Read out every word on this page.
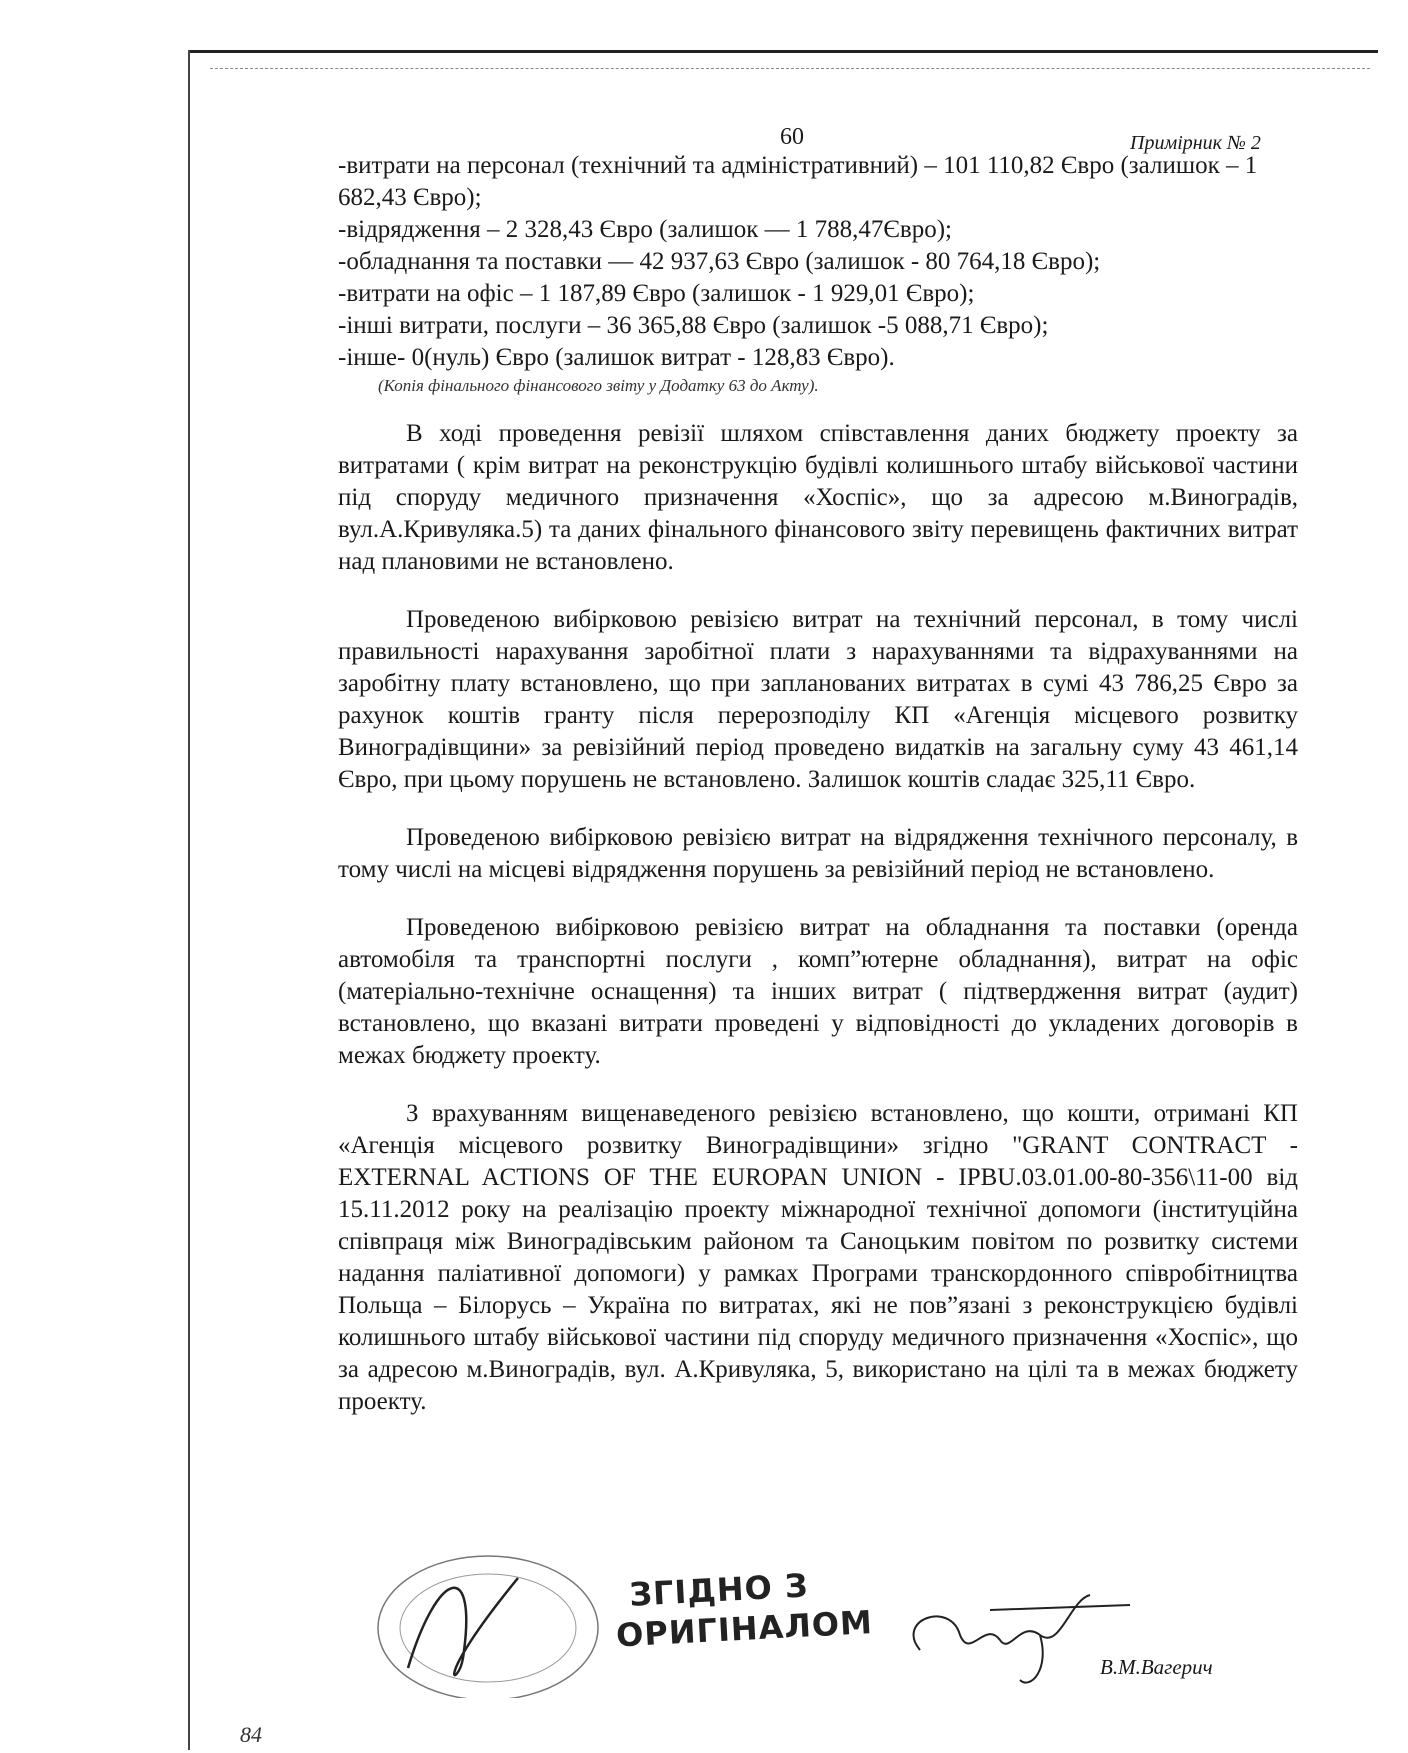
60	Примірник № 2

-витрати на персонал (технічний та адміністративний) – 101 110,82 Євро (залишок – 1 682,43 Євро);

-відрядження – 2 328,43 Євро (залишок — 1 788,47Євро);

-обладнання та поставки — 42 937,63 Євро (залишок - 80 764,18 Євро);

-витрати на офіс – 1 187,89 Євро (залишок - 1 929,01 Євро);

-інші витрати, послуги – 36 365,88 Євро (залишок -5 088,71 Євро);

-інше- 0(нуль) Євро (залишок витрат - 128,83 Євро).

(Копія фінального фінансового звіту у Додатку 63 до Акту).

В ході проведення ревізії шляхом співставлення даних бюджету проекту за витратами ( крім витрат на реконструкцію будівлі колишнього штабу військової частини під споруду медичного призначення «Хоспіс», що за адресою м.Виноградів, вул.А.Кривуляка.5) та даних фінального фінансового звіту перевищень фактичних витрат над плановими не встановлено.

Проведеною вибірковою ревізією витрат на технічний персонал, в тому числі правильності нарахування заробітної плати з нарахуваннями та відрахуваннями на заробітну плату встановлено, що при запланованих витратах в сумі 43 786,25 Євро за рахунок коштів гранту після перерозподілу КП «Агенція місцевого розвитку Виноградівщини» за ревізійний період проведено видатків на загальну суму 43 461,14 Євро, при цьому порушень не встановлено. Залишок коштів сладає 325,11 Євро.

Проведеною вибірковою ревізією витрат на відрядження технічного персоналу, в тому числі на місцеві відрядження порушень за ревізійний період не встановлено.

Проведеною вибірковою ревізією витрат на обладнання та поставки (оренда автомобіля та транспортні послуги , комп”ютерне обладнання), витрат на офіс (матеріально-технічне оснащення) та інших витрат ( підтвердження витрат (аудит) встановлено, що вказані витрати проведені у відповідності до укладених договорів в межах бюджету проекту.

З врахуванням вищенаведеного ревізією встановлено, що кошти, отримані КП «Агенція місцевого розвитку Виноградівщини» згідно "GRANT CONTRACT - EXTERNAL ACTIONS OF THE EUROPAN UNION - IPBU.03.01.00-80-356\11-00 від 15.11.2012 року на реалізацію проекту міжнародної технічної допомоги (інституційна співпраця між Виноградівським районом та Саноцьким повітом по розвитку системи надання паліативної допомоги) у рамках Програми транскордонного співробітництва Польща – Білорусь – Україна по витратах, які не пов”язані з реконструкцією будівлі колишнього штабу військової частини під споруду медичного призначення «Хоспіс», що за адресою м.Виноградів, вул. А.Кривуляка, 5, використано на цілі та в межах бюджету проекту.

ЗГІДНО З
ОРИГІНАЛОМ
В.М.Вагерич
84
